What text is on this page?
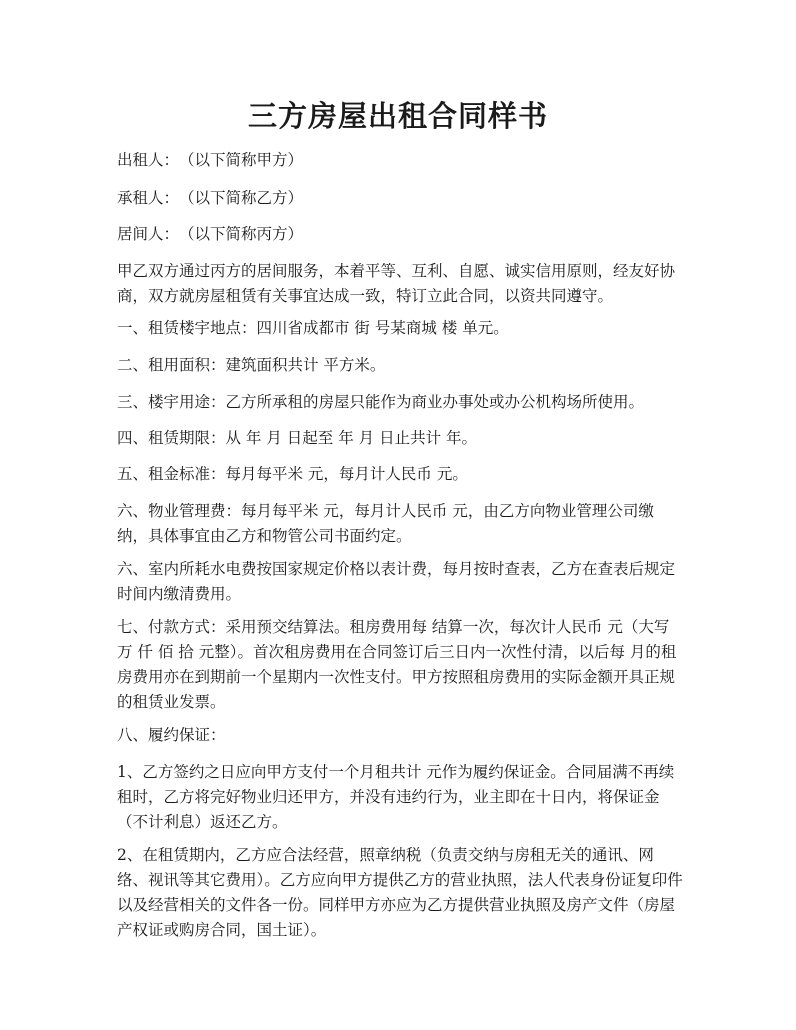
三方房屋出租合同样书

出租人：　（以下简称甲方）

承租人：　（以下简称乙方）

居间人：　（以下简称丙方）

甲乙双方通过丙方的居间服务，本着平等、互利、自愿、诚实信用原则，经友好协商，双方就房屋租赁有关事宜达成一致，特订立此合同，以资共同遵守。

一、租赁楼宇地点：四川省成都市 街 号某商城 楼 单元。

二、租用面积：建筑面积共计 平方米。

三、楼宇用途：乙方所承租的房屋只能作为商业办事处或办公机构场所使用。

四、租赁期限：从 年 月 日起至 年 月 日止共计 年。

五、租金标准：每月每平米 元，每月计人民币 元。

六、物业管理费：每月每平米 元，每月计人民币 元，由乙方向物业管理公司缴纳，具体事宜由乙方和物管公司书面约定。

六、室内所耗水电费按国家规定价格以表计费，每月按时查表，乙方在查表后规定时间内缴清费用。

七、付款方式：采用预交结算法。租房费用每 结算一次，每次计人民币 元（大写 万 仟 佰 拾 元整）。首次租房费用在合同签订后三日内一次性付清，以后每 月的租房费用亦在到期前一个星期内一次性支付。甲方按照租房费用的实际金额开具正规的租赁业发票。

八、履约保证：

1、乙方签约之日应向甲方支付一个月租共计 元作为履约保证金。合同届满不再续租时，乙方将完好物业归还甲方，并没有违约行为，业主即在十日内，将保证金（不计利息）返还乙方。

2、在租赁期内，乙方应合法经营，照章纳税（负责交纳与房租无关的通讯、网络、视讯等其它费用）。乙方应向甲方提供乙方的营业执照，法人代表身份证复印件以及经营相关的文件各一份。同样甲方亦应为乙方提供营业执照及房产文件（房屋产权证或购房合同，国土证）。
